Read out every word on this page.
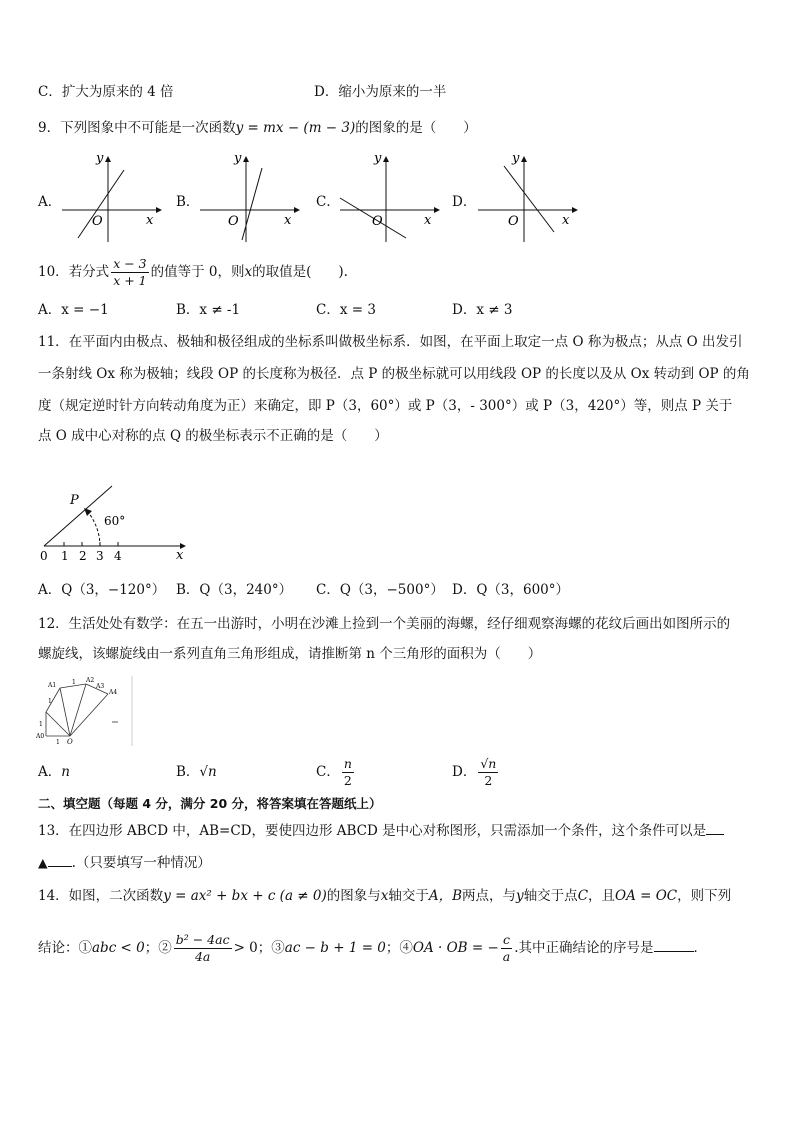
C．扩大为原来的 4 倍	D．缩小为原来的一半
9．下列图象中不可能是一次函数y = mx − (m − 3)的图象的是（　　）
A．	B．	C．	D．
y
x
O
y
x
O
y
x
O
y
x
O
10．若分式 $\frac{x - 3}{x + 1}$ 的值等于 0，则x的取值是(　　).
A．x = −1	B．x ≠ -1	C．x = 3	D．x ≠ 3
11．在平面内由极点、极轴和极径组成的坐标系叫做极坐标系．如图，在平面上取定一点 O 称为极点；从点 O 出发引
一条射线 Ox 称为极轴；线段 OP 的长度称为极径．点 P 的极坐标就可以用线段 OP 的长度以及从 Ox 转动到 OP 的角
度（规定逆时针方向转动角度为正）来确定，即 P（3，60°）或 P（3，- 300°）或 P（3，420°）等，则点 P 关于
点 O 成中心对称的点 Q 的极坐标表示不正确的是（　　）
P
60°
x
0 1 2 3 4
A．Q（3，−120°） B．Q（3，240°） C．Q（3，−500°） D．Q（3，600°）
12．生活处处有数学：在五一出游时，小明在沙滩上捡到一个美丽的海螺，经仔细观察海螺的花纹后画出如图所示的
螺旋线，该螺旋线由一系列直角三角形组成，请推断第 n 个三角形的面积为（　　）
A1
A2
A3
A4
A0
O
1
1
1
1
A．n	B．√n	C． $\frac{n}{2}$	D． $\frac{√n}{2}$
二、填空题（每题 4 分，满分 20 分，将答案填在答题纸上）
13．在四边形 ABCD 中，AB=CD，要使四边形 ABCD 是中心对称图形，只需添加一个条件，这个条件可以是
▲ .（只要填写一种情况）
14．如图，二次函数y = ax² + bx + c (a ≠ 0)的图象与x轴交于A，B两点，与y轴交于点C，且OA = OC，则下列
结论：①abc < 0；② $\frac{\text{b² − 4ac}}{4a} > 0$；③ac − b + 1 = 0；④OA · OB = − $\frac{c}{a}$ .其中正确结论的序号是	．
